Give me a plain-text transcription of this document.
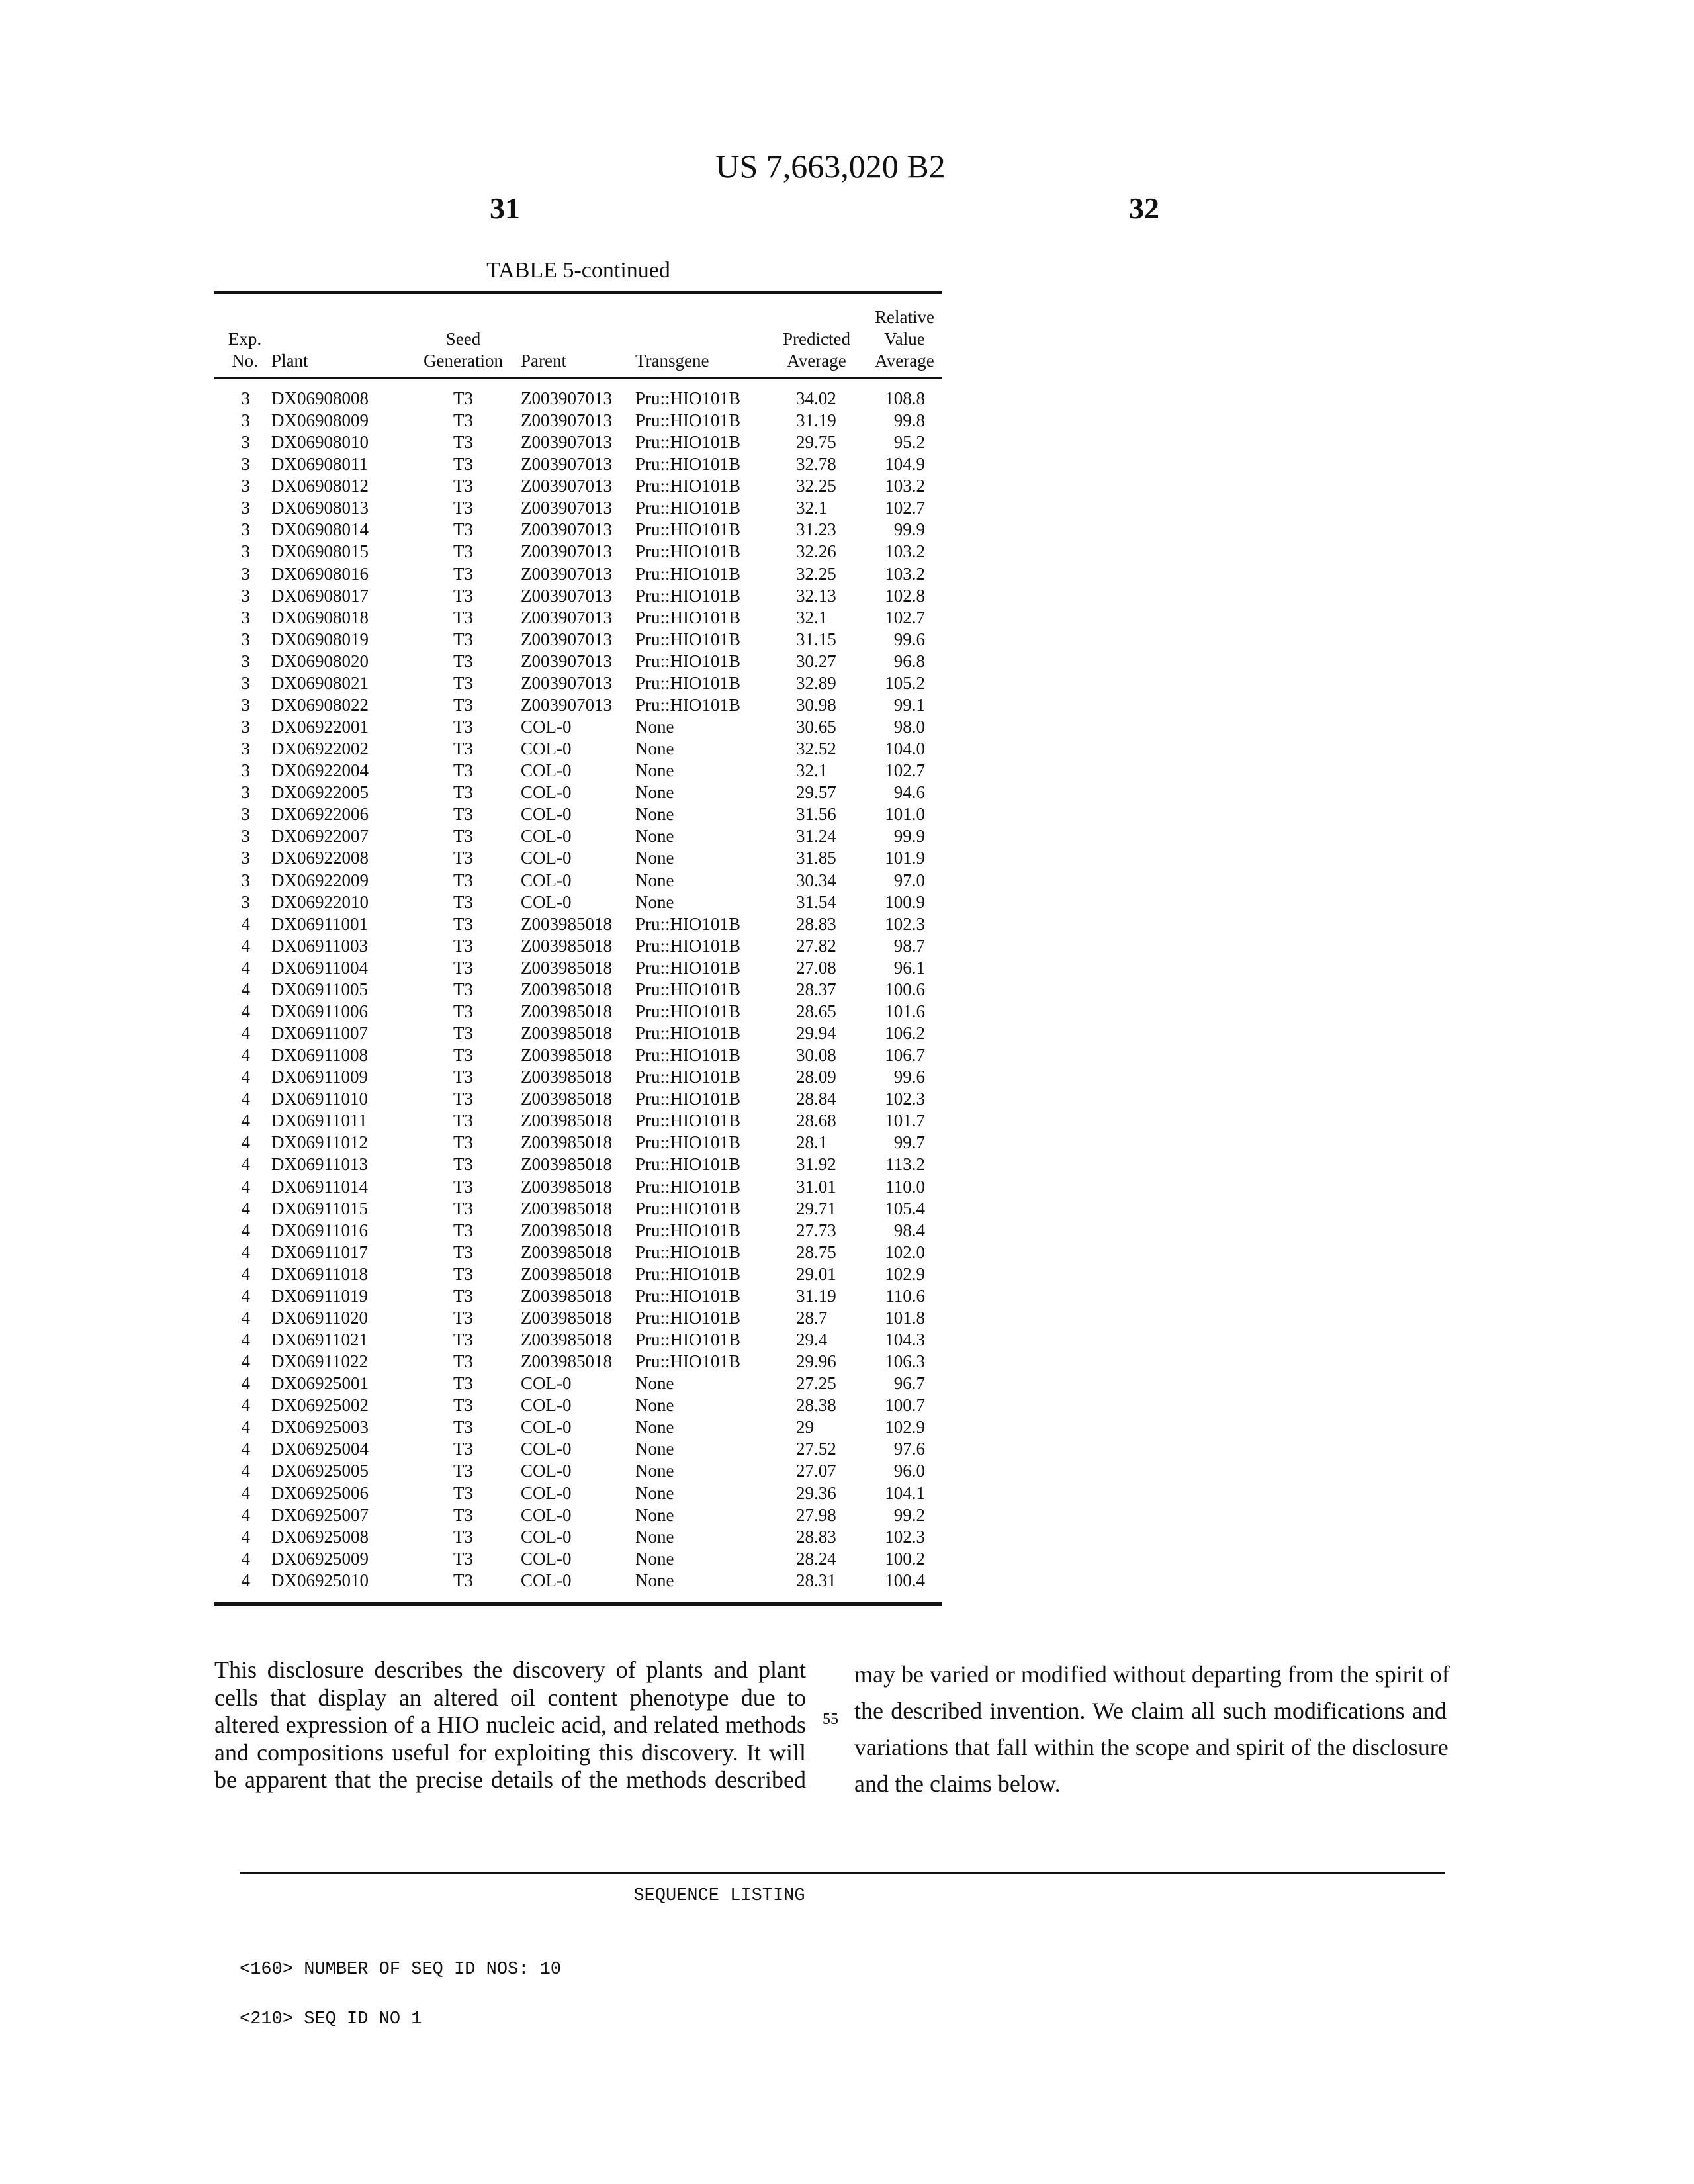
US 7,663,020 B2
31	32
TABLE 5-continued
Exp.
No. Plant
Seed
Generation	Parent	Transgene
Predicted
Average
Relative
Value
Average
3 DX06908008	T3	Z003907013 Pru::HIO101B	34.02	108.8
3 DX06908009	T3	Z003907013 Pru::HIO101B	31.19	99.8
3 DX06908010	T3	Z003907013 Pru::HIO101B	29.75	95.2
3 DX06908011	T3	Z003907013 Pru::HIO101B	32.78	104.9
3 DX06908012	T3	Z003907013 Pru::HIO101B	32.25	103.2
3 DX06908013	T3	Z003907013 Pru::HIO101B	32.1	102.7
3 DX06908014	T3	Z003907013 Pru::HIO101B	31.23	99.9
3 DX06908015	T3	Z003907013 Pru::HIO101B	32.26	103.2
3 DX06908016	T3	Z003907013 Pru::HIO101B	32.25	103.2
3 DX06908017	T3	Z003907013 Pru::HIO101B	32.13	102.8
3 DX06908018	T3	Z003907013 Pru::HIO101B	32.1	102.7
3 DX06908019	T3	Z003907013 Pru::HIO101B	31.15	99.6
3 DX06908020	T3	Z003907013 Pru::HIO101B	30.27	96.8
3 DX06908021	T3	Z003907013 Pru::HIO101B	32.89	105.2
3 DX06908022	T3	Z003907013 Pru::HIO101B	30.98	99.1
3 DX06922001	T3	COL-0	None	30.65	98.0
3 DX06922002	T3	COL-0	None	32.52	104.0
3 DX06922004	T3	COL-0	None	32.1	102.7
3 DX06922005	T3	COL-0	None	29.57	94.6
3 DX06922006	T3	COL-0	None	31.56	101.0
3 DX06922007	T3	COL-0	None	31.24	99.9
3 DX06922008	T3	COL-0	None	31.85	101.9
3 DX06922009	T3	COL-0	None	30.34	97.0
3 DX06922010	T3	COL-0	None	31.54	100.9
4 DX06911001	T3	Z003985018 Pru::HIO101B	28.83	102.3
4 DX06911003	T3	Z003985018 Pru::HIO101B	27.82	98.7
4 DX06911004	T3	Z003985018 Pru::HIO101B	27.08	96.1
4 DX06911005	T3	Z003985018 Pru::HIO101B	28.37	100.6
4 DX06911006	T3	Z003985018 Pru::HIO101B	28.65	101.6
4 DX06911007	T3	Z003985018 Pru::HIO101B	29.94	106.2
4 DX06911008	T3	Z003985018 Pru::HIO101B	30.08	106.7
4 DX06911009	T3	Z003985018 Pru::HIO101B	28.09	99.6
4 DX06911010	T3	Z003985018 Pru::HIO101B	28.84	102.3
4 DX06911011	T3	Z003985018 Pru::HIO101B	28.68	101.7
4 DX06911012	T3	Z003985018 Pru::HIO101B	28.1	99.7
4 DX06911013	T3	Z003985018 Pru::HIO101B	31.92	113.2
4 DX06911014	T3	Z003985018 Pru::HIO101B	31.01	110.0
4 DX06911015	T3	Z003985018 Pru::HIO101B	29.71	105.4
4 DX06911016	T3	Z003985018 Pru::HIO101B	27.73	98.4
4 DX06911017	T3	Z003985018 Pru::HIO101B	28.75	102.0
4 DX06911018	T3	Z003985018 Pru::HIO101B	29.01	102.9
4 DX06911019	T3	Z003985018 Pru::HIO101B	31.19	110.6
4 DX06911020	T3	Z003985018 Pru::HIO101B	28.7	101.8
4 DX06911021	T3	Z003985018 Pru::HIO101B	29.4	104.3
4 DX06911022	T3	Z003985018 Pru::HIO101B	29.96	106.3
4 DX06925001	T3	COL-0	None	27.25	96.7
4 DX06925002	T3	COL-0	None	28.38	100.7
4 DX06925003	T3	COL-0	None	29	102.9
4 DX06925004	T3	COL-0	None	27.52	97.6
4 DX06925005	T3	COL-0	None	27.07	96.0
4 DX06925006	T3	COL-0	None	29.36	104.1
4 DX06925007	T3	COL-0	None	27.98	99.2
4 DX06925008	T3	COL-0	None	28.83	102.3
4 DX06925009	T3	COL-0	None	28.24	100.2
4 DX06925010	T3	COL-0	None	28.31	100.4
This disclosure describes the discovery of plants and plant
cells that display an altered oil content phenotype due to
altered expression of a HIO nucleic acid, and related methods
and compositions useful for exploiting this discovery. It will
be apparent that the precise details of the methods described
55
may be varied or modified without departing from the spirit of
the described invention. We claim all such modifications and
variations that fall within the scope and spirit of the disclosure
and the claims below.
SEQUENCE LISTING
<160> NUMBER OF SEQ ID NOS: 10
<210> SEQ ID NO 1
